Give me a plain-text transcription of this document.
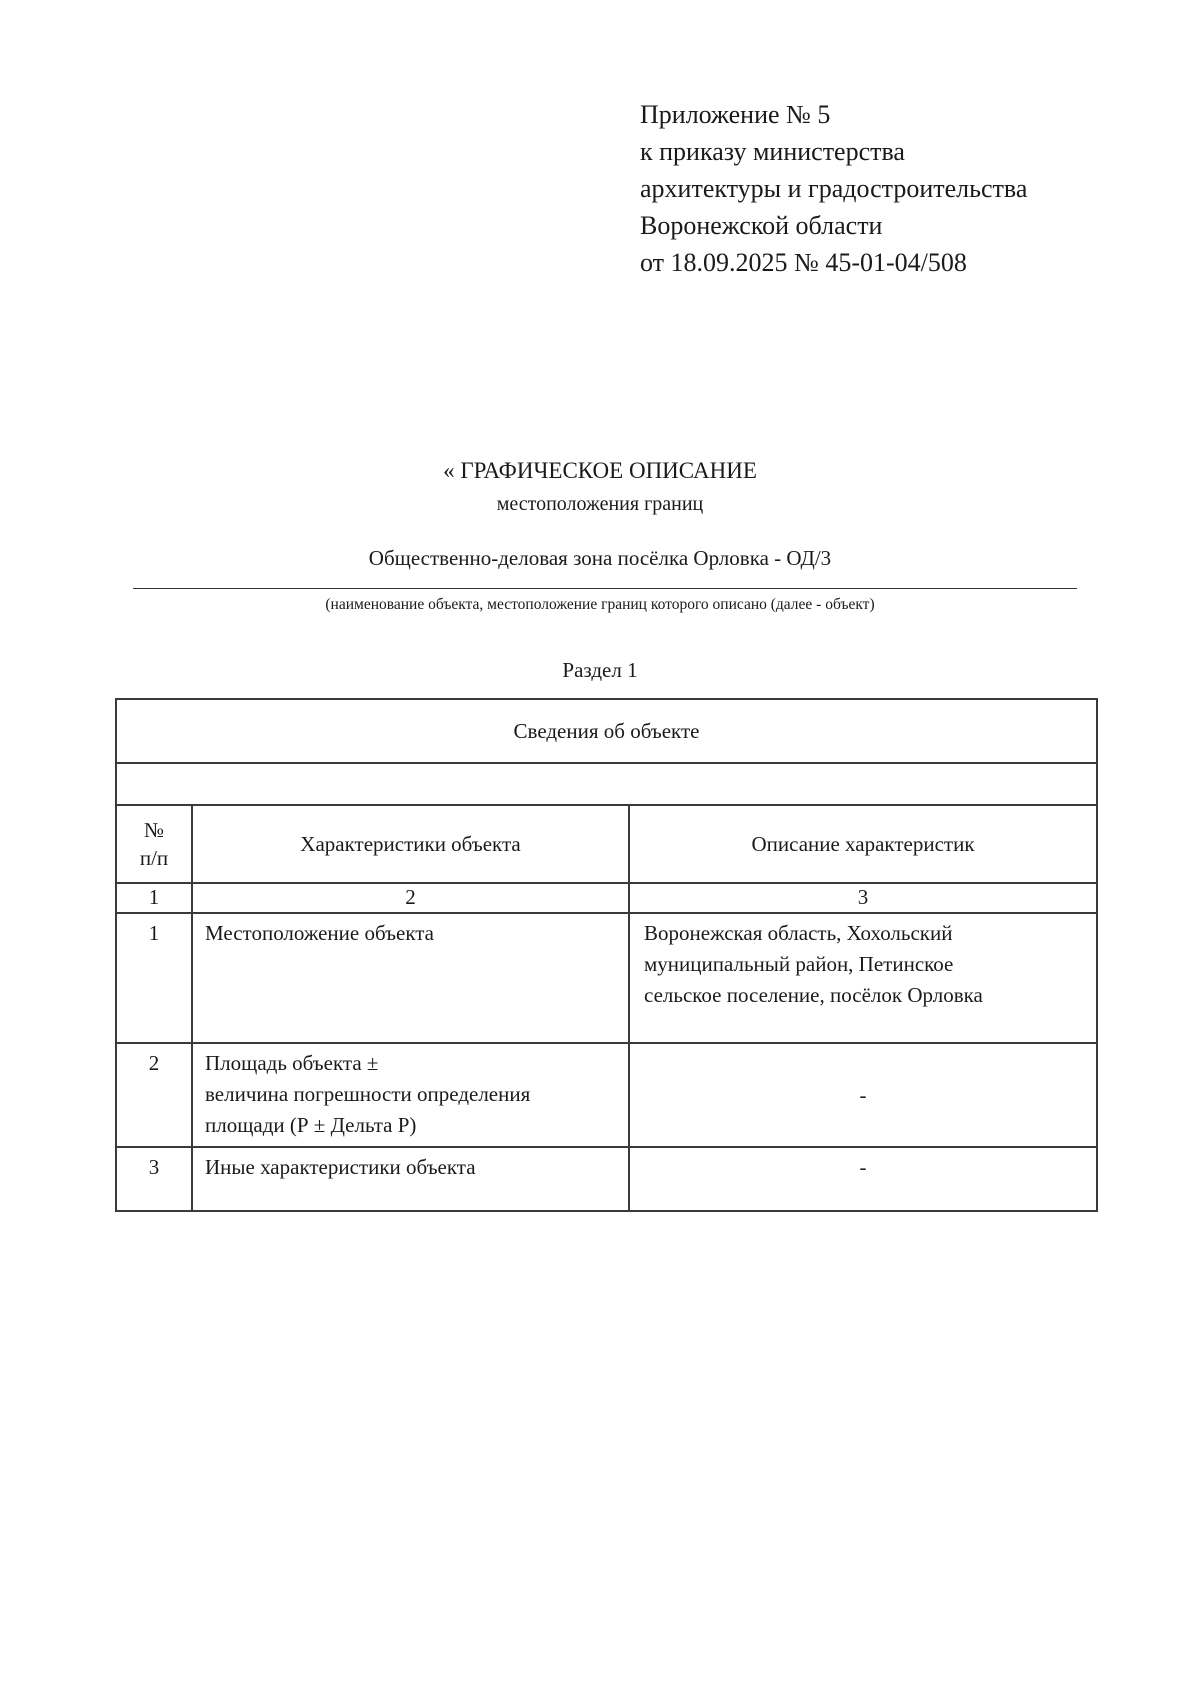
Приложение № 5
к приказу министерства
архитектуры и градостроительства
Воронежской области
от 18.09.2025 № 45-01-04/508
« ГРАФИЧЕСКОЕ ОПИСАНИЕ
местоположения границ
Общественно-деловая зона посёлка Орловка - ОД/3
(наименование объекта, местоположение границ которого описано (далее - объект)
Раздел 1
Сведения об объекте		

№
п/п	Характеристики объекта	Описание характеристик
1	2	3
1	Местоположение объекта	Воронежская область, Хохольский
муниципальный район, Петинское
сельское поселение, посёлок Орловка

2	Площадь объекта ±
величина погрешности определения
площади (Р ± Дельта Р)	-
3	Иные характеристики объекта	-
